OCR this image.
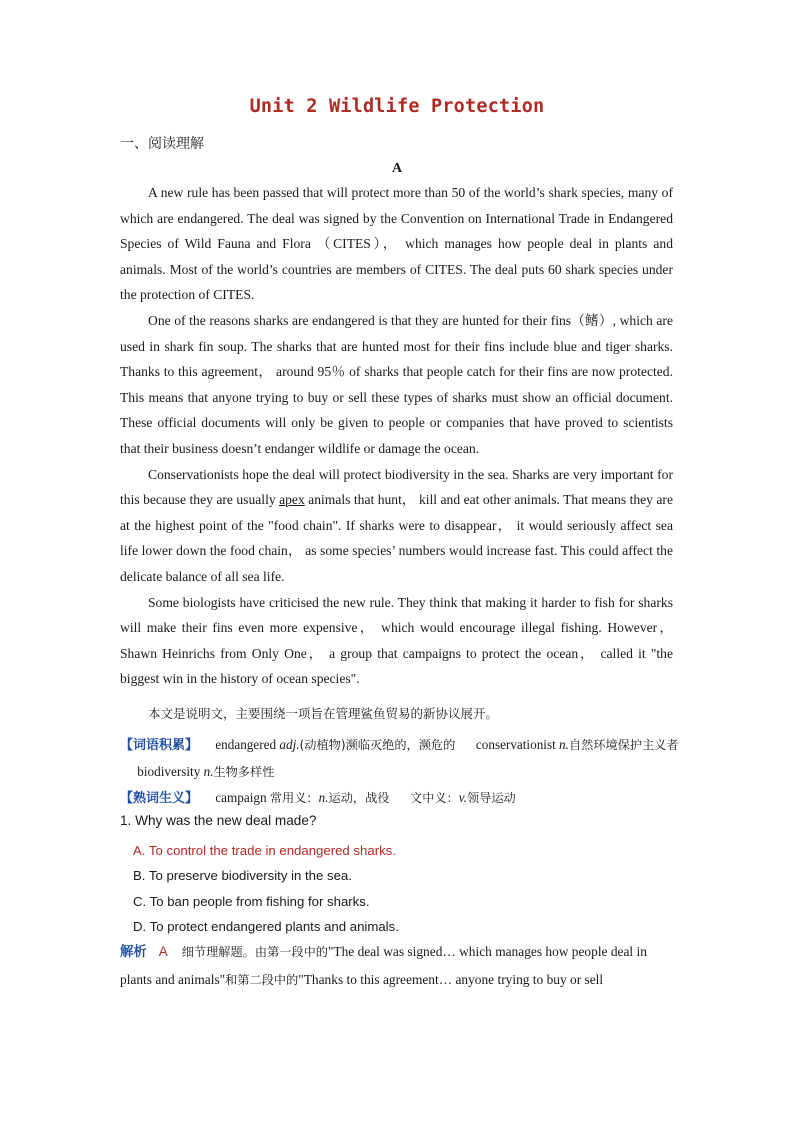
Unit 2 Wildlife Protection
一、阅读理解
A

A new rule has been passed that will protect more than 50 of the world’s shark species, many of which are endangered. The deal was signed by the Convention on International Trade in Endangered Species of Wild Fauna and Flora （CITES）， which manages how people deal in plants and animals. Most of the world’s countries are members of CITES. The deal puts 60 shark species under the protection of CITES.

One of the reasons sharks are endangered is that they are hunted for their fins（鳍）, which are used in shark fin soup. The sharks that are hunted most for their fins include blue and tiger sharks. Thanks to this agreement， around 95％ of sharks that people catch for their fins are now protected. This means that anyone trying to buy or sell these types of sharks must show an official document. These official documents will only be given to people or companies that have proved to scientists that their business doesn’t endanger wildlife or damage the ocean.

Conservationists hope the deal will protect biodiversity in the sea. Sharks are very important for this because they are usually apex animals that hunt， kill and eat other animals. That means they are at the highest point of the "food chain". If sharks were to disappear， it would seriously affect sea life lower down the food chain， as some species’ numbers would increase fast. This could affect the delicate balance of all sea life.

Some biologists have criticised the new rule. They think that making it harder to fish for sharks will make their fins even more expensive， which would encourage illegal fishing. However， Shawn Heinrichs from Only One， a group that campaigns to protect the ocean， called it "the biggest win in the history of ocean species".

本文是说明文，主要围绕一项旨在管理鲨鱼贸易的新协议展开。
【词语积累】 endangered adj.(动植物)濒临灭绝的，濒危的 conservationist n.自然环境保护主义者  biodiversity n.生物多样性
【熟词生义】 campaign 常用义：n.运动，战役 文中义：v.领导运动
1. Why was the new deal made?
A. To control the trade in endangered sharks.
B. To preserve biodiversity in the sea.
C. To ban people from fishing for sharks.
D. To protect endangered plants and animals.
解析 A 细节理解题。由第一段中的"The deal was signed… which manages how people deal in plants and animals"和第二段中的"Thanks to this agreement… anyone trying to buy or sell
